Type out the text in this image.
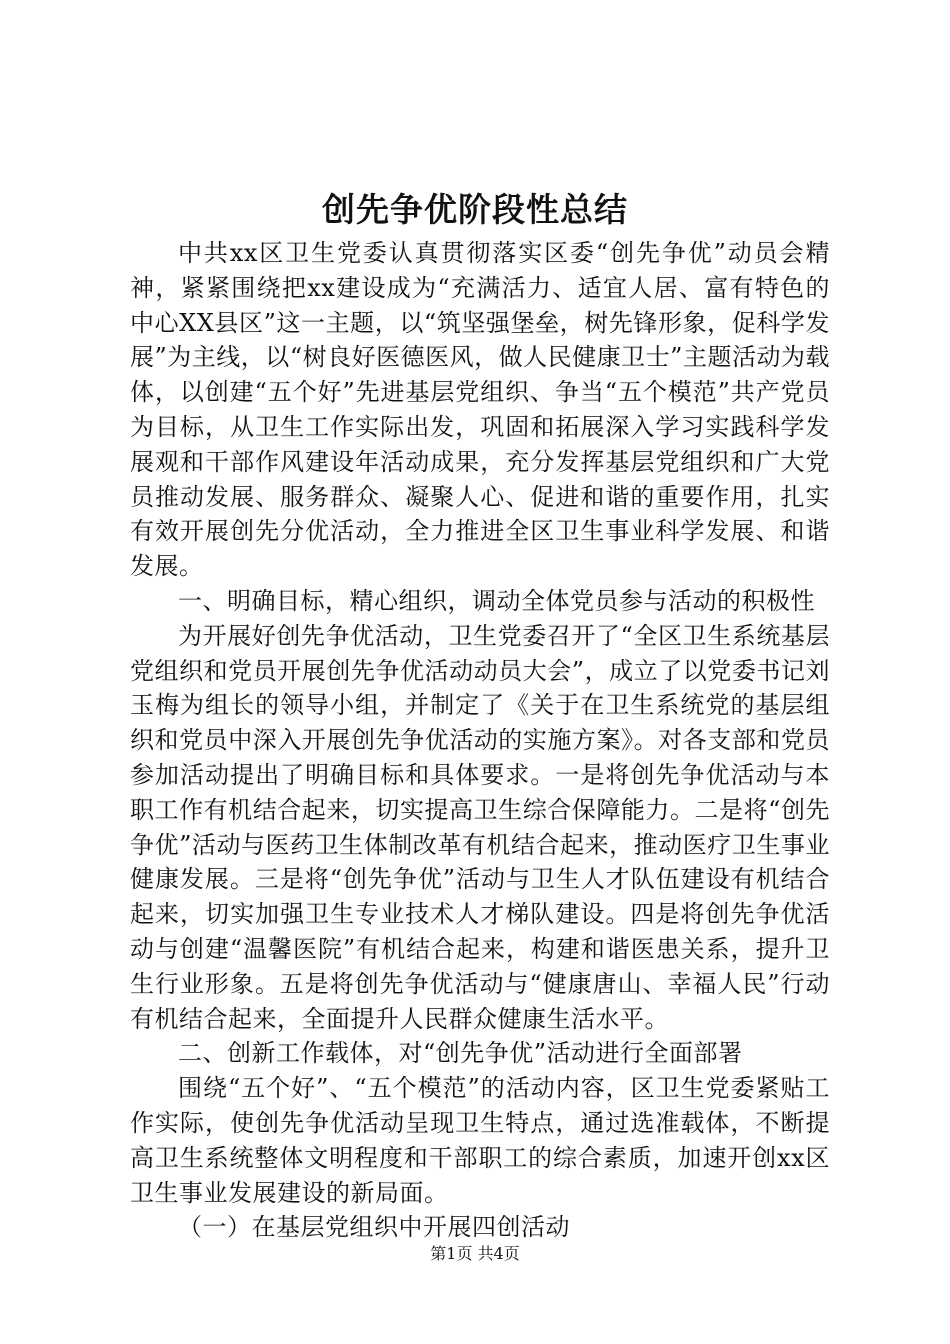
创先争优阶段性总结

中共xx区卫生党委认真贯彻落实区委“创先争优”动员会精神，紧紧围绕把xx建设成为“充满活力、适宜人居、富有特色的中心XX县区”这一主题，以“筑坚强堡垒，树先锋形象，促科学发展”为主线，以“树良好医德医风，做人民健康卫士”主题活动为载体，以创建“五个好”先进基层党组织、争当“五个模范”共产党员为目标，从卫生工作实际出发，巩固和拓展深入学习实践科学发展观和干部作风建设年活动成果，充分发挥基层党组织和广大党员推动发展、服务群众、凝聚人心、促进和谐的重要作用，扎实有效开展创先分优活动，全力推进全区卫生事业科学发展、和谐发展。

一、明确目标，精心组织，调动全体党员参与活动的积极性

为开展好创先争优活动，卫生党委召开了“全区卫生系统基层党组织和党员开展创先争优活动动员大会”，成立了以党委书记刘玉梅为组长的领导小组，并制定了《关于在卫生系统党的基层组织和党员中深入开展创先争优活动的实施方案》。对各支部和党员参加活动提出了明确目标和具体要求。一是将创先争优活动与本职工作有机结合起来，切实提高卫生综合保障能力。二是将“创先争优”活动与医药卫生体制改革有机结合起来，推动医疗卫生事业健康发展。三是将“创先争优”活动与卫生人才队伍建设有机结合起来，切实加强卫生专业技术人才梯队建设。四是将创先争优活动与创建“温馨医院”有机结合起来，构建和谐医患关系，提升卫生行业形象。五是将创先争优活动与“健康唐山、幸福人民”行动有机结合起来，全面提升人民群众健康生活水平。

二、创新工作载体，对“创先争优”活动进行全面部署

围绕“五个好”、“五个模范”的活动内容，区卫生党委紧贴工作实际，使创先争优活动呈现卫生特点，通过选准载体，不断提高卫生系统整体文明程度和干部职工的综合素质，加速开创xx区卫生事业发展建设的新局面。

（一）在基层党组织中开展四创活动

第1页 共4页
